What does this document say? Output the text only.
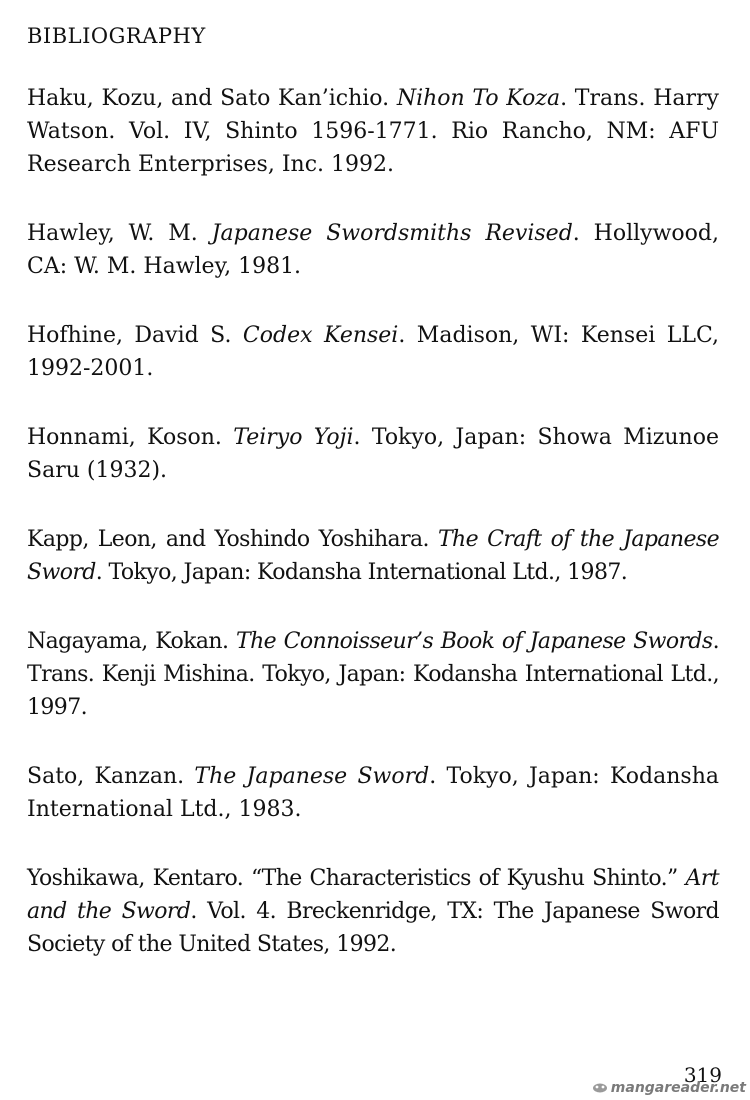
BIBLIOGRAPHY

Haku, Kozu, and Sato Kan’ichio. Nihon To Koza. Trans. Harry Watson. Vol. IV, Shinto 1596-1771. Rio Rancho, NM: AFU Research Enterprises, Inc. 1992.

Hawley, W. M. Japanese Swordsmiths Revised. Hollywood, CA: W. M. Hawley, 1981.

Hofhine, David S. Codex Kensei. Madison, WI: Kensei LLC, 1992-2001.

Honnami, Koson. Teiryo Yoji. Tokyo, Japan: Showa Mizunoe Saru (1932).

Kapp, Leon, and Yoshindo Yoshihara. The Craft of the Japanese Sword. Tokyo, Japan: Kodansha International Ltd., 1987.

Nagayama, Kokan. The Connoisseur’s Book of Japanese Swords. Trans. Kenji Mishina. Tokyo, Japan: Kodansha International Ltd., 1997.

Sato, Kanzan. The Japanese Sword. Tokyo, Japan: Kodansha International Ltd., 1983.

Yoshikawa, Kentaro. “The Characteristics of Kyushu Shinto.” Art and the Sword. Vol. 4. Breckenridge, TX: The Japanese Sword Society of the United States, 1992.

319
mangareader.net
